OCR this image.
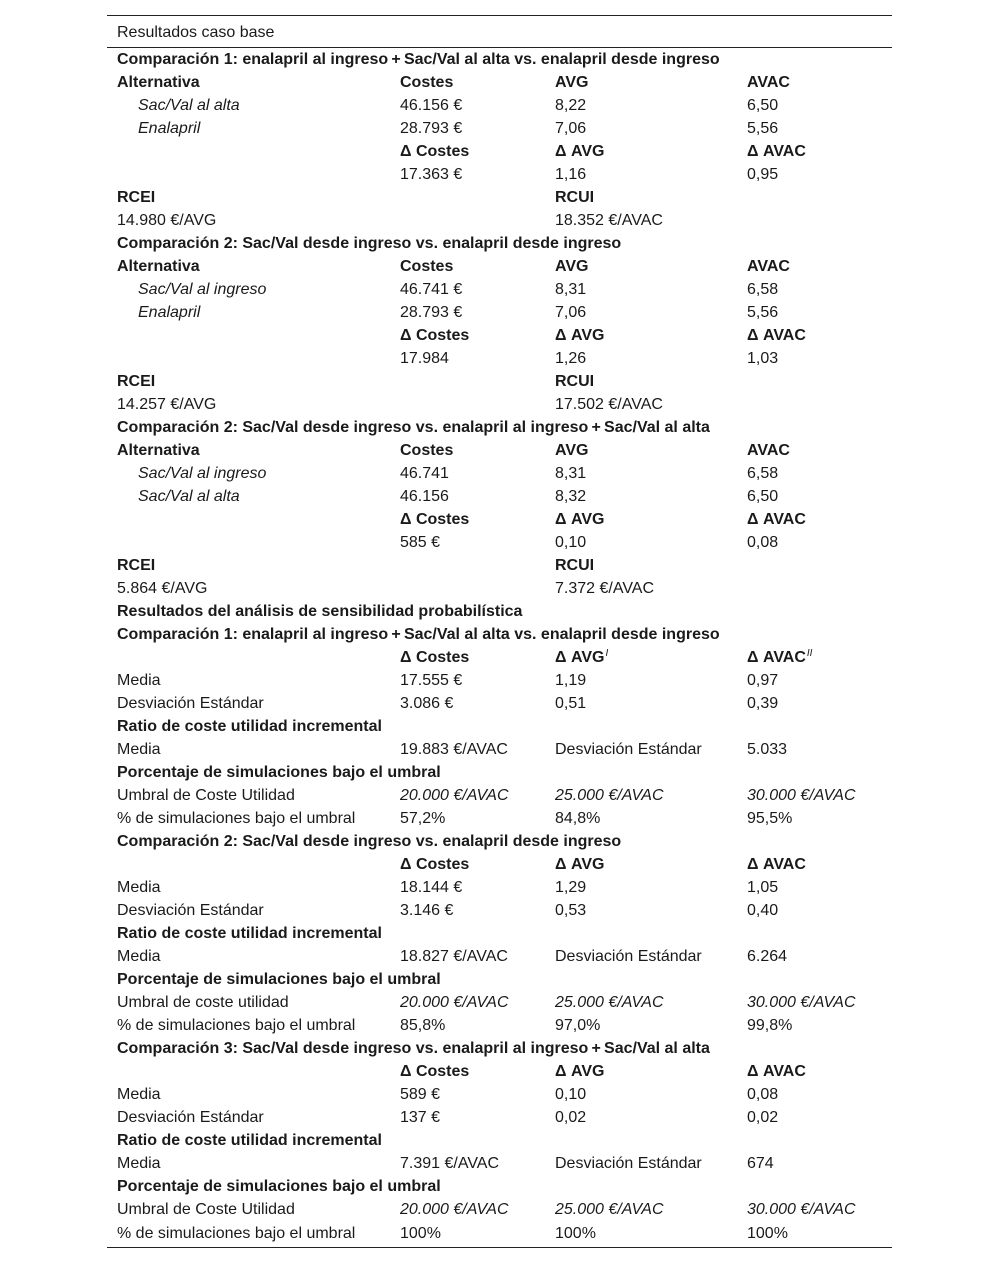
Resultados caso base			
Comparación 1: enalapril al ingreso + Sac/Val al alta vs. enalapril desde ingreso			
Alternativa	Costes	AVG	AVAC
Sac/Val al alta	46.156 €	8,22	6,50
Enalapril	28.793 €	7,06	5,56
	Δ Costes	Δ AVG	Δ AVAC
	17.363 €	1,16	0,95
RCEI		RCUI	
14.980 €/AVG		18.352 €/AVAC	
Comparación 2: Sac/Val desde ingreso vs. enalapril desde ingreso			
Alternativa	Costes	AVG	AVAC
Sac/Val al ingreso	46.741 €	8,31	6,58
Enalapril	28.793 €	7,06	5,56
	Δ Costes	Δ AVG	Δ AVAC
	17.984	1,26	1,03
RCEI		RCUI	
14.257 €/AVG		17.502 €/AVAC	
Comparación 2: Sac/Val desde ingreso vs. enalapril al ingreso + Sac/Val al alta			
Alternativa	Costes	AVG	AVAC
Sac/Val al ingreso	46.741	8,31	6,58
Sac/Val al alta	46.156	8,32	6,50
	Δ Costes	Δ AVG	Δ AVAC
	585 €	0,10	0,08
RCEI		RCUI	
5.864 €/AVG		7.372 €/AVAC	
Resultados del análisis de sensibilidad probabilística			
Comparación 1: enalapril al ingreso + Sac/Val al alta vs. enalapril desde ingreso			
	Δ Costes	Δ $AVG^I$	Δ $AVAC^{II}$
Media	17.555 €	1,19	0,97
Desviación Estándar	3.086 €	0,51	0,39
Ratio de coste utilidad incremental			
Media	19.883 €/AVAC	Desviación Estándar	5.033
Porcentaje de simulaciones bajo el umbral			
Umbral de Coste Utilidad	20.000 €/AVAC	25.000 €/AVAC	30.000 €/AVAC
% de simulaciones bajo el umbral	57,2%	84,8%	95,5%
Comparación 2: Sac/Val desde ingreso vs. enalapril desde ingreso			
	Δ Costes	Δ AVG	Δ AVAC
Media	18.144 €	1,29	1,05
Desviación Estándar	3.146 €	0,53	0,40
Ratio de coste utilidad incremental			
Media	18.827 €/AVAC	Desviación Estándar	6.264
Porcentaje de simulaciones bajo el umbral			
Umbral de coste utilidad	20.000 €/AVAC	25.000 €/AVAC	30.000 €/AVAC
% de simulaciones bajo el umbral	85,8%	97,0%	99,8%
Comparación 3: Sac/Val desde ingreso vs. enalapril al ingreso + Sac/Val al alta			
	Δ Costes	Δ AVG	Δ AVAC
Media	589 €	0,10	0,08
Desviación Estándar	137 €	0,02	0,02
Ratio de coste utilidad incremental			
Media	7.391 €/AVAC	Desviación Estándar	674
Porcentaje de simulaciones bajo el umbral			
Umbral de Coste Utilidad	20.000 €/AVAC	25.000 €/AVAC	30.000 €/AVAC
% de simulaciones bajo el umbral	100%	100%	100%
